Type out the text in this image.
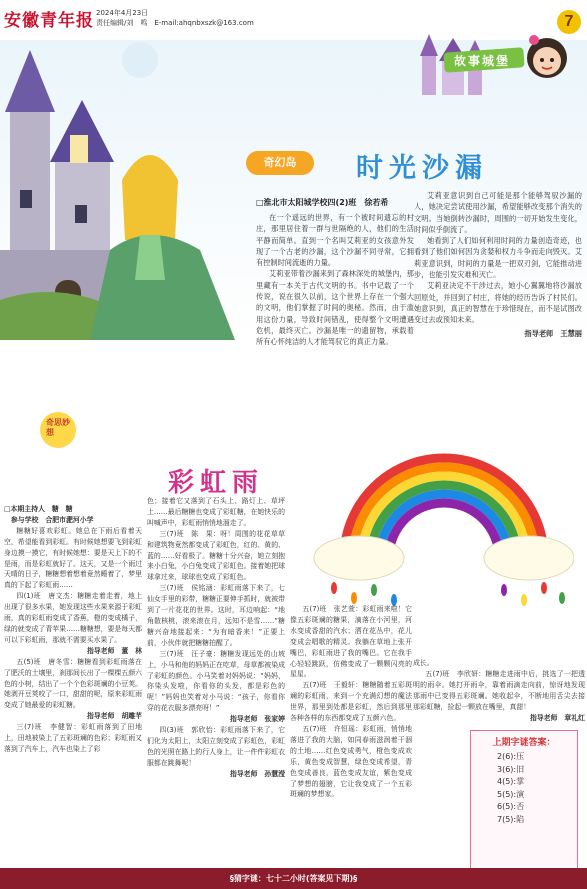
安徽青年报 2024年4月23日
责任编辑/刘　鸣　E-mail:ahqnbxszk@163.com	7
故事城堡
奇幻岛	时光沙漏
□淮北市太阳城学校四(2)班　徐若希

在一个遥远的世界，有一个被时间遗忘的村庄，那里居住着一群与世隔绝的人，他们的生活平静而简单。直到一个名叫艾莉亚的女孩意外发现了一个古老的沙漏，这个沙漏不同寻常，它拥有控制时间流逝的力量。

艾莉亚带着沙漏来到了森林深处的城堡内，那里藏有一本关于古代文明的书。书中记载了一个传说，说在很久以前，这个世界上存在一个强大的文明，他们掌握了时间的奥秘。然而，由于滥用这份力量，导致时间错乱，使得整个文明遭遇危机，最终灭亡。沙漏是唯一的遗留物，承载着所有心怀纯洁的人才能驾驭它的真正力量。

艾莉亚意识到自己可能是那个能够驾驭沙漏的人，她决定尝试使用沙漏，希望能够改变那个消失的文明。当她倒转沙漏时，周围的一切开始发生变化，时间似乎倒流了。

她看到了人们如何利用时间的力量创造奇迹，也看到了他们如何因为贪婪和权力斗争而走向毁灭。艾莉亚意识到，时间的力量是一把双刃剑，它能推动进步，也能引发灾难和灭亡。

艾莉亚决定不干涉过去，她小心翼翼地将沙漏放回原处，并回到了村庄，将她的经历告诉了村民们。她意识到，真正的智慧在于珍惜现在，而不是试图改变过去或预知未来。

指导老师　王慧丽
奇思妙想
彩虹雨
□本期主持人　糖　糖
参与学校　合肥市淝河小学

糖糖好喜欢彩虹。她总在下雨后看着天空，希望能看到彩虹。有时候她想要飞到彩虹身边摸一摸它，有时候她想：要是天上下的不是雨，而是彩虹就好了。这天，又是一个雨过天晴的日子，糖糖想着想着竟然睡着了，梦里真的下起了彩虹雨……

四(1)班　唐文杰：糖糖走着走着，地上出现了很多水果，她发现这些水果来源于彩虹雨，真的彩虹雨变成了香蕉，橙的变成橘子，绿的就变成了青苹果……糖糖想，要是每天都可以下彩虹雨，那就不需要买水果了。

指导老师　董　林

五(5)班　唐冬雪：糖糖看到彩虹雨落在了肥沃的土壤里，刹那间长出了一棵棵五颜六色的小树，结出了一个个色彩斑斓的小豆荚。她剥开豆荚咬了一口，甜甜的呢，原来彩虹雨变成了她最爱的彩虹糖。

指导老师　胡雕芊

三(7)班　李健智：彩虹雨落到了田地上，田地被染上了五彩斑斓的色彩；彩虹雨又落到了汽车上，汽车也染上了彩

色；接着它又落到了石头上、路灯上、草坪上……最后糖糖也变成了彩虹糖，在她快乐的叫喊声中，彩虹雨悄悄地溜走了。

三(7)班　陈　果：呀！周围的花花草草和建筑物竟然都变成了彩虹色，红的、黄的、蓝的……好看极了。糖糖十分兴奋，她立刻抱来小白兔，小白兔变成了彩虹色。接着她把球球拿过来，球球也变成了彩虹色。

三(7)班　侯铭涵：彩虹雨落下来了，七仙女手里的彩带，糖糖正要伸手抓时，就被带到了一片花花的世界。这时，耳边响起：“地角散核桃，滚来滚在月，远知不是雪……”糖糖兴奋地接起来：“为有暗香来！”正要上前，小伙伴就把糖糖拍醒了。

三(7)班　汪子豪：糖糖发现远处的山坡上，小马和他的妈妈正在吃草，母草都被染成了彩虹的颜色。小马笑着对妈妈说：“妈妈，你染头发啦，你看你的头发，都是彩色的呢！”妈妈也笑着对小马说：“孩子，你看你穿的花衣服多漂亮呀！”

指导老师　张家婷

四(3)班　郭欣怡：彩虹雨落下来了，它们化为太阳上，太阳立刻变成了彩虹色，彩虹色的光照在路上的行人身上，让一件件彩虹衣服都在跳舞呢！

指导老师　孙慧滢

五(7)班　张艺萱：彩虹雨来啦！它像五彩斑斓的糖果，滴落在小河里，河水变成香甜的汽水；洒在花丛中，花儿变成会唱歌的精灵。我躺在草地上张开嘴巴，彩虹雨进了我的嘴巴。它在我手心轻轻跳跃，仿佛变成了一颗颗闪亮的星星。

五(7)班　王毅轩：糖糖随着五彩斑斓的彩虹雨，来到一个充满幻想的魔法世界，那里到处都是彩虹，然后到那里各种各样的东西都变成了五颜六色。

五(7)班　许恒瑶：彩虹雨，悄悄地落进了我的大脑，如同春雨滋润着干涸的土地……红色变成勇气，橙色变成欢乐，黄色变成智慧，绿色变成希望，青色变成善良，蓝色变成友谊，紫色变成了梦想的翅膀，它让我变成了一个五彩斑斓的梦想家。

成长。

五(7)班　李欣妍：糖糖走进雨中后，挑选了一把透明的雨伞。她打开雨伞，靠着雨滴走向前，惊讶地发现那雨中已变得五彩斑斓。她收起伞，不断地用舌尖去接那彩虹糖，捡起一颗放在嘴里，真甜！

指导老师　章礼红
上期字谜答案：
2(6):压
3(6):旧
4(5):掌
5(5):演
6(5):否
7(5):陷
§猜字谜：七十二小时(答案见下期)§
